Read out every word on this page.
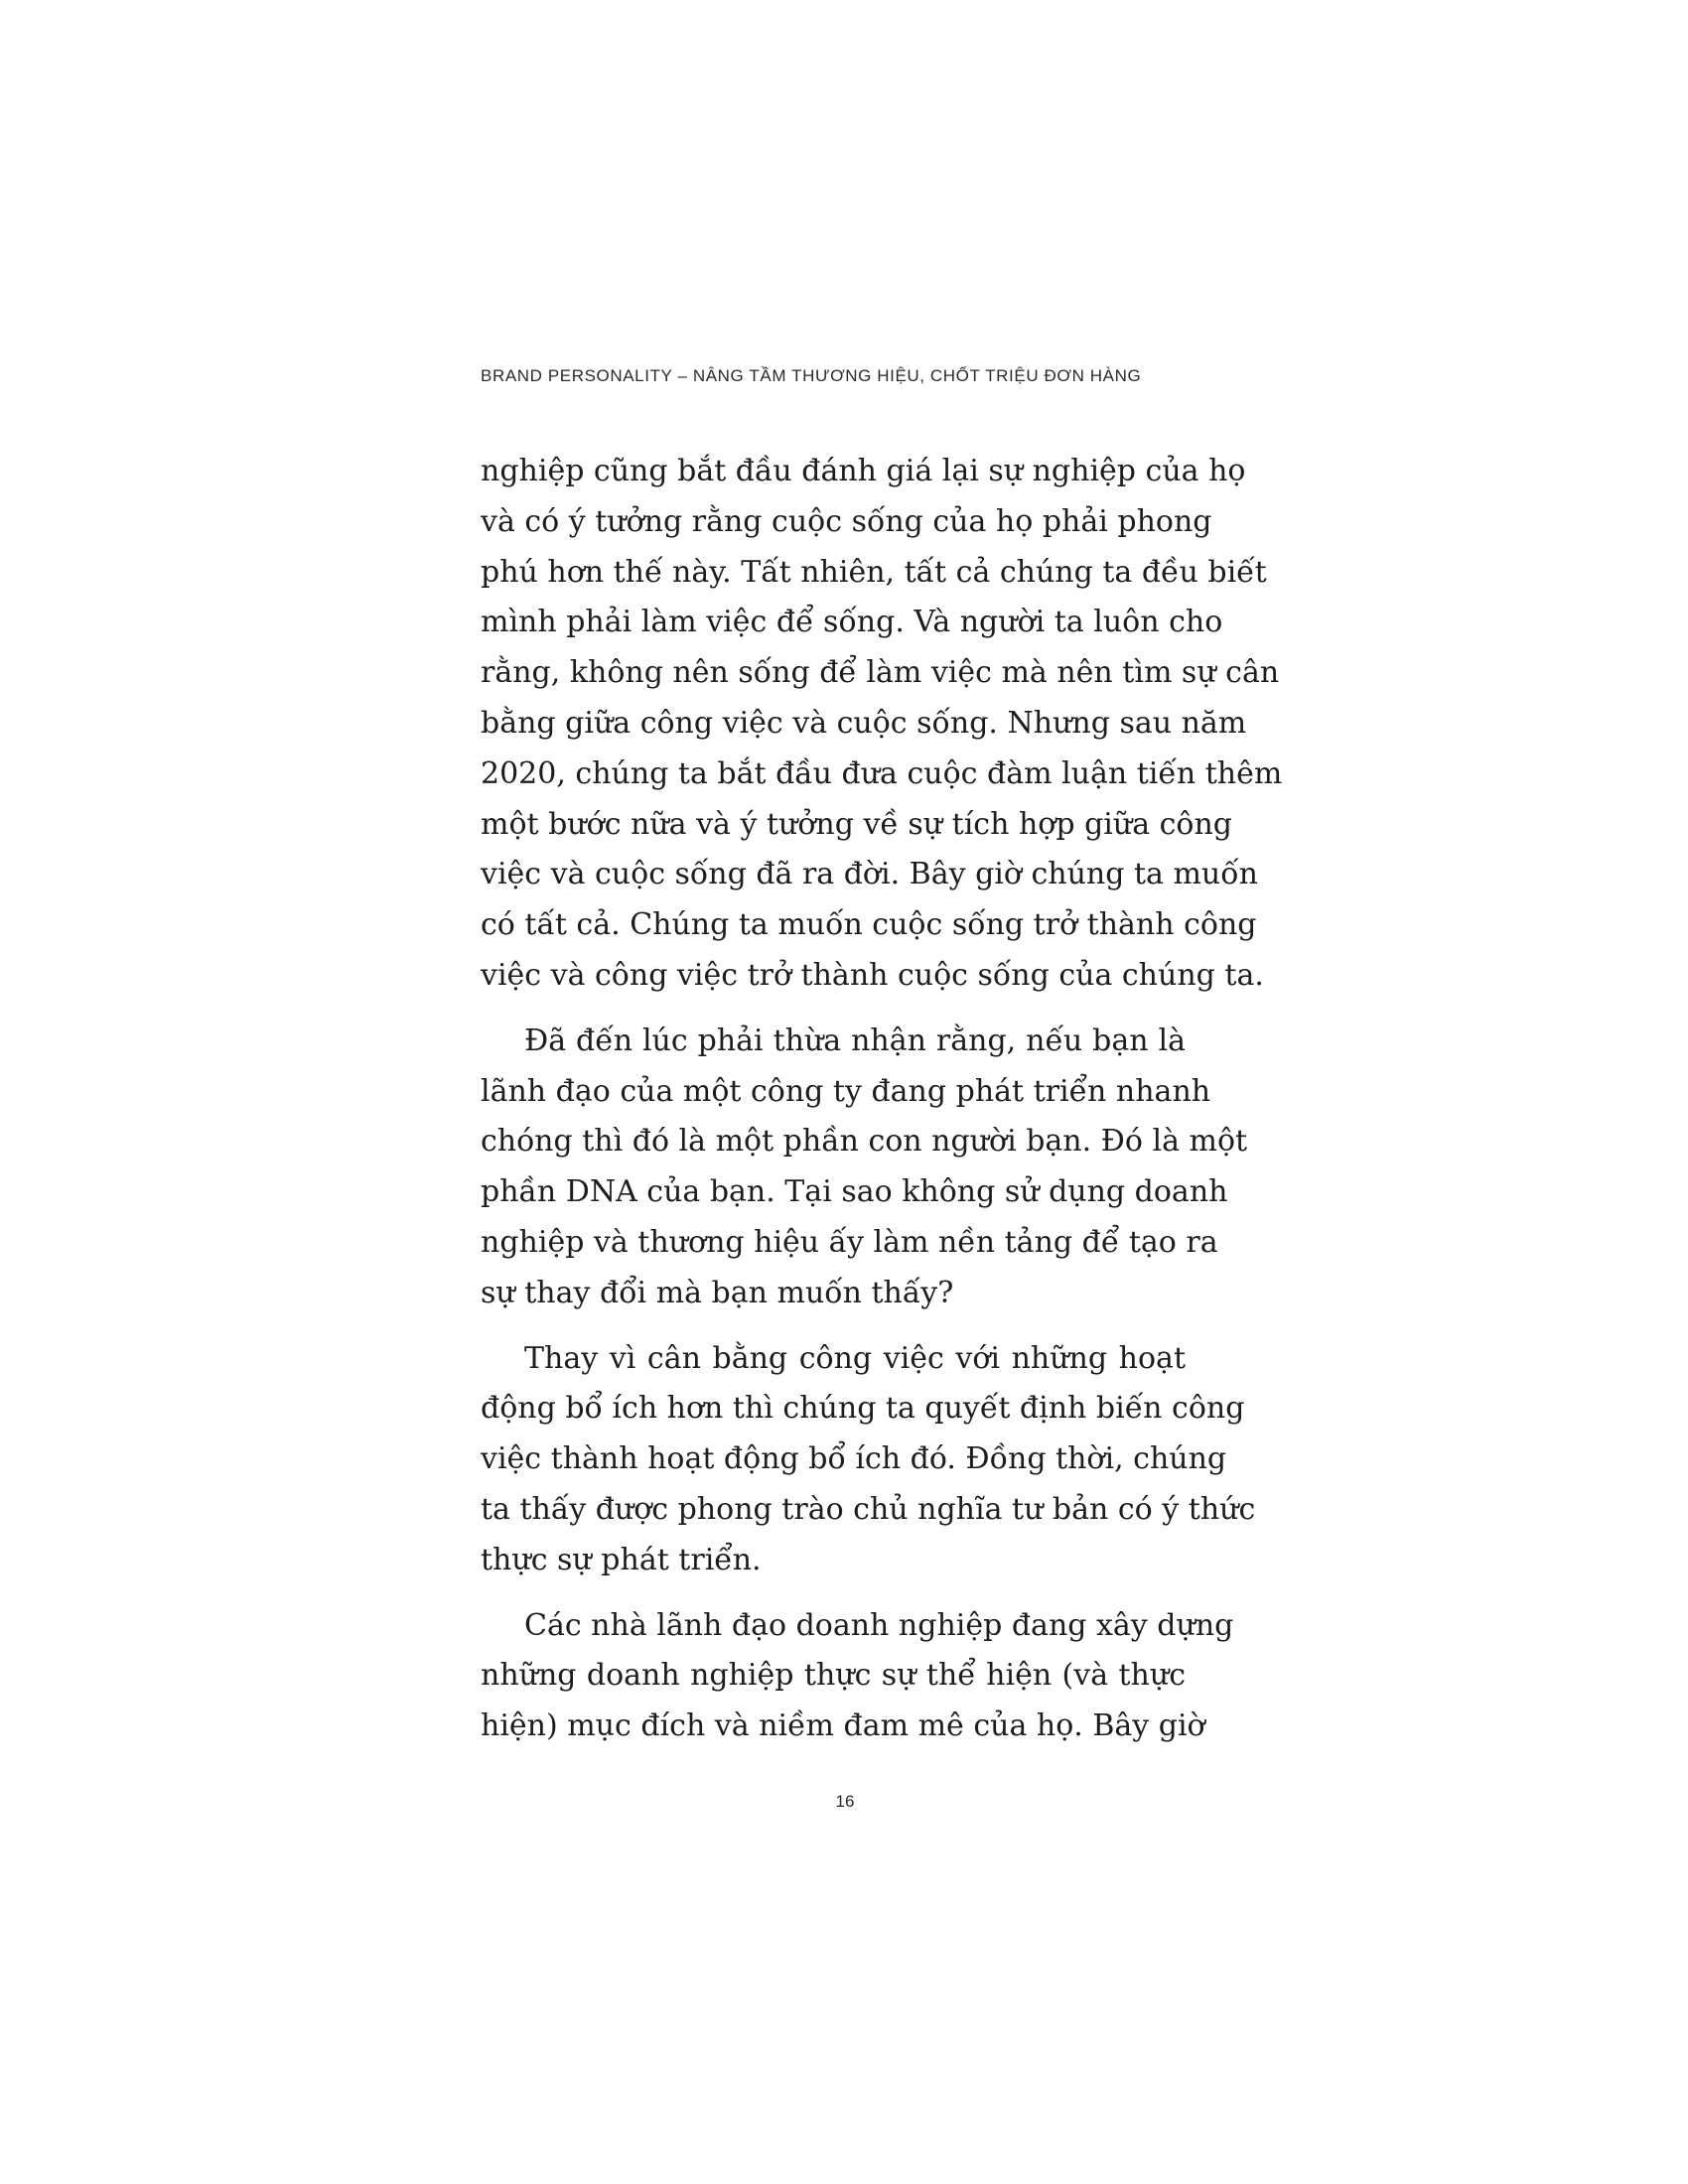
BRAND PERSONALITY – NÂNG TẦM THƯƠNG HIỆU, CHỐT TRIỆU ĐƠN HÀNG

nghiệp cũng bắt đầu đánh giá lại sự nghiệp của họ
và có ý tưởng rằng cuộc sống của họ phải phong
phú hơn thế này. Tất nhiên, tất cả chúng ta đều biết
mình phải làm việc để sống. Và người ta luôn cho
rằng, không nên sống để làm việc mà nên tìm sự cân
bằng giữa công việc và cuộc sống. Nhưng sau năm
2020, chúng ta bắt đầu đưa cuộc đàm luận tiến thêm
một bước nữa và ý tưởng về sự tích hợp giữa công
việc và cuộc sống đã ra đời. Bây giờ chúng ta muốn
có tất cả. Chúng ta muốn cuộc sống trở thành công
việc và công việc trở thành cuộc sống của chúng ta.

Đã đến lúc phải thừa nhận rằng, nếu bạn là
lãnh đạo của một công ty đang phát triển nhanh
chóng thì đó là một phần con người bạn. Đó là một
phần DNA của bạn. Tại sao không sử dụng doanh
nghiệp và thương hiệu ấy làm nền tảng để tạo ra
sự thay đổi mà bạn muốn thấy?

Thay vì cân bằng công việc với những hoạt
động bổ ích hơn thì chúng ta quyết định biến công
việc thành hoạt động bổ ích đó. Đồng thời, chúng
ta thấy được phong trào chủ nghĩa tư bản có ý thức
thực sự phát triển.

Các nhà lãnh đạo doanh nghiệp đang xây dựng
những doanh nghiệp thực sự thể hiện (và thực
hiện) mục đích và niềm đam mê của họ. Bây giờ

16
